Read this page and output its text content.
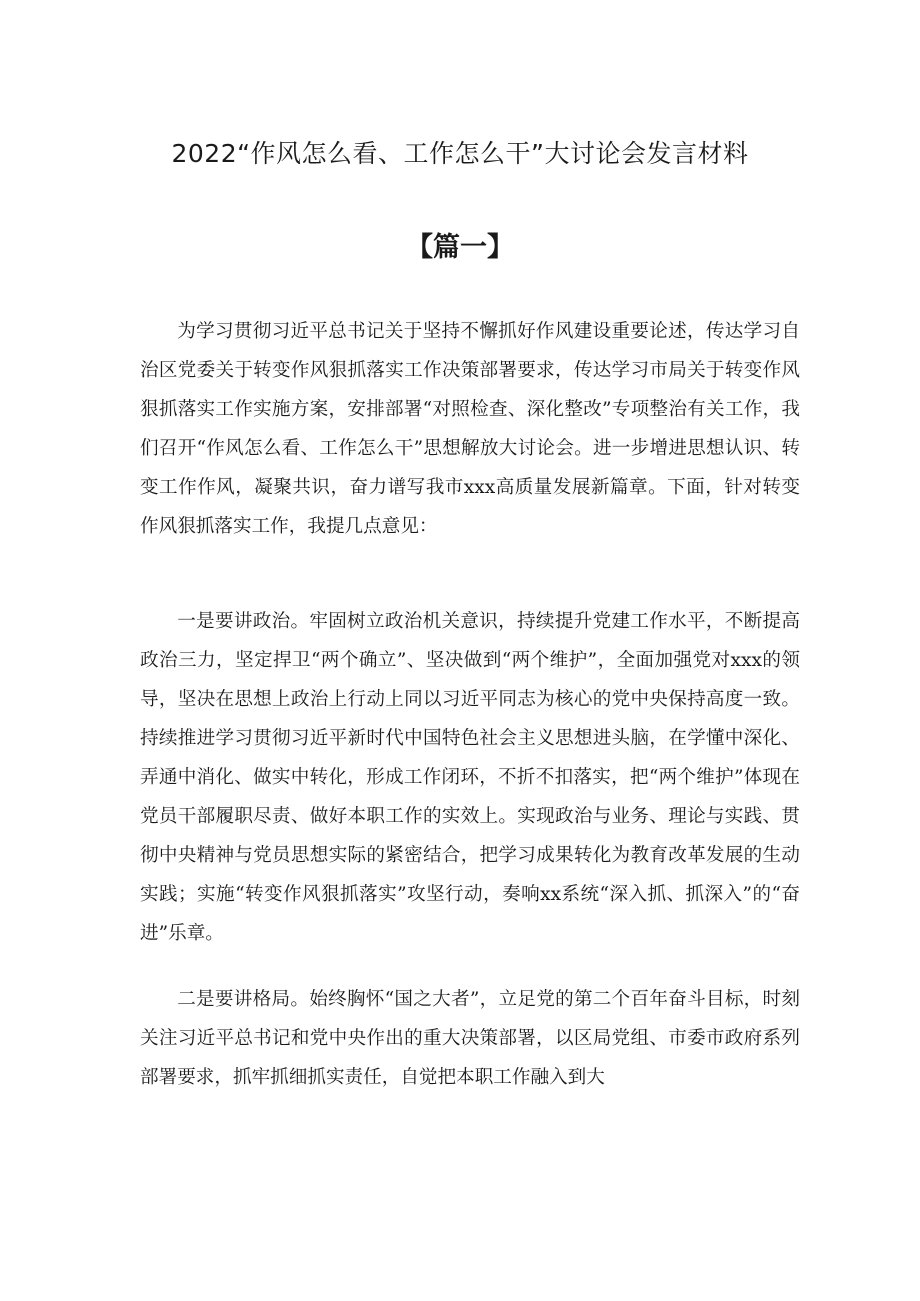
2022“作风怎么看、工作怎么干”大讨论会发言材料
【篇一】

为学习贯彻习近平总书记关于坚持不懈抓好作风建设重要论述，传达学习自治区党委关于转变作风狠抓落实工作决策部署要求，传达学习市局关于转变作风狠抓落实工作实施方案，安排部署“对照检查、深化整改”专项整治有关工作，我们召开“作风怎么看、工作怎么干”思想解放大讨论会。进一步增进思想认识、转变工作作风，凝聚共识，奋力谱写我市xxx高质量发展新篇章。下面，针对转变作风狠抓落实工作，我提几点意见：

一是要讲政治。牢固树立政治机关意识，持续提升党建工作水平，不断提高政治三力，坚定捍卫“两个确立”、坚决做到“两个维护”，全面加强党对xxx的领导，坚决在思想上政治上行动上同以习近平同志为核心的党中央保持高度一致。持续推进学习贯彻习近平新时代中国特色社会主义思想进头脑，在学懂中深化、弄通中消化、做实中转化，形成工作闭环，不折不扣落实，把“两个维护”体现在党员干部履职尽责、做好本职工作的实效上。实现政治与业务、理论与实践、贯彻中央精神与党员思想实际的紧密结合，把学习成果转化为教育改革发展的生动实践；实施“转变作风狠抓落实”攻坚行动，奏响xx系统“深入抓、抓深入”的“奋进”乐章。

二是要讲格局。始终胸怀“国之大者”，立足党的第二个百年奋斗目标，时刻关注习近平总书记和党中央作出的重大决策部署，以区局党组、市委市政府系列部署要求，抓牢抓细抓实责任，自觉把本职工作融入到大
